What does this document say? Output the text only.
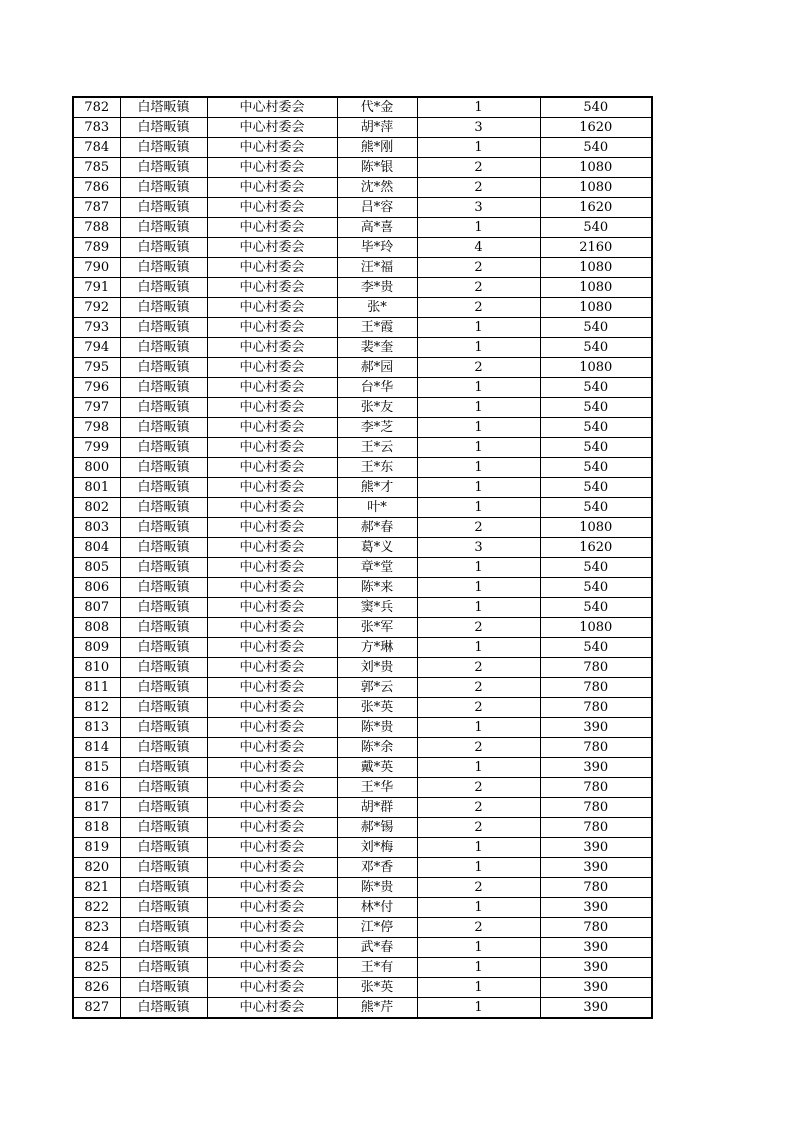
782	白塔畈镇	中心村委会	代*金	1	540
783	白塔畈镇	中心村委会	胡*萍	3	1620
784	白塔畈镇	中心村委会	熊*刚	1	540
785	白塔畈镇	中心村委会	陈*银	2	1080
786	白塔畈镇	中心村委会	沈*然	2	1080
787	白塔畈镇	中心村委会	吕*容	3	1620
788	白塔畈镇	中心村委会	高*喜	1	540
789	白塔畈镇	中心村委会	毕*玲	4	2160
790	白塔畈镇	中心村委会	汪*福	2	1080
791	白塔畈镇	中心村委会	李*贵	2	1080
792	白塔畈镇	中心村委会	张*	2	1080
793	白塔畈镇	中心村委会	王*霞	1	540
794	白塔畈镇	中心村委会	裴*奎	1	540
795	白塔畈镇	中心村委会	郝*园	2	1080
796	白塔畈镇	中心村委会	台*华	1	540
797	白塔畈镇	中心村委会	张*友	1	540
798	白塔畈镇	中心村委会	李*芝	1	540
799	白塔畈镇	中心村委会	王*云	1	540
800	白塔畈镇	中心村委会	王*东	1	540
801	白塔畈镇	中心村委会	熊*才	1	540
802	白塔畈镇	中心村委会	叶*	1	540
803	白塔畈镇	中心村委会	郝*春	2	1080
804	白塔畈镇	中心村委会	葛*义	3	1620
805	白塔畈镇	中心村委会	章*堂	1	540
806	白塔畈镇	中心村委会	陈*来	1	540
807	白塔畈镇	中心村委会	窦*兵	1	540
808	白塔畈镇	中心村委会	张*军	2	1080
809	白塔畈镇	中心村委会	方*琳	1	540
810	白塔畈镇	中心村委会	刘*贵	2	780
811	白塔畈镇	中心村委会	郭*云	2	780
812	白塔畈镇	中心村委会	张*英	2	780
813	白塔畈镇	中心村委会	陈*贵	1	390
814	白塔畈镇	中心村委会	陈*余	2	780
815	白塔畈镇	中心村委会	戴*英	1	390
816	白塔畈镇	中心村委会	王*华	2	780
817	白塔畈镇	中心村委会	胡*群	2	780
818	白塔畈镇	中心村委会	郝*锡	2	780
819	白塔畈镇	中心村委会	刘*梅	1	390
820	白塔畈镇	中心村委会	邓*香	1	390
821	白塔畈镇	中心村委会	陈*贵	2	780
822	白塔畈镇	中心村委会	林*付	1	390
823	白塔畈镇	中心村委会	江*停	2	780
824	白塔畈镇	中心村委会	武*春	1	390
825	白塔畈镇	中心村委会	王*有	1	390
826	白塔畈镇	中心村委会	张*英	1	390
827	白塔畈镇	中心村委会	熊*芹	1	390
